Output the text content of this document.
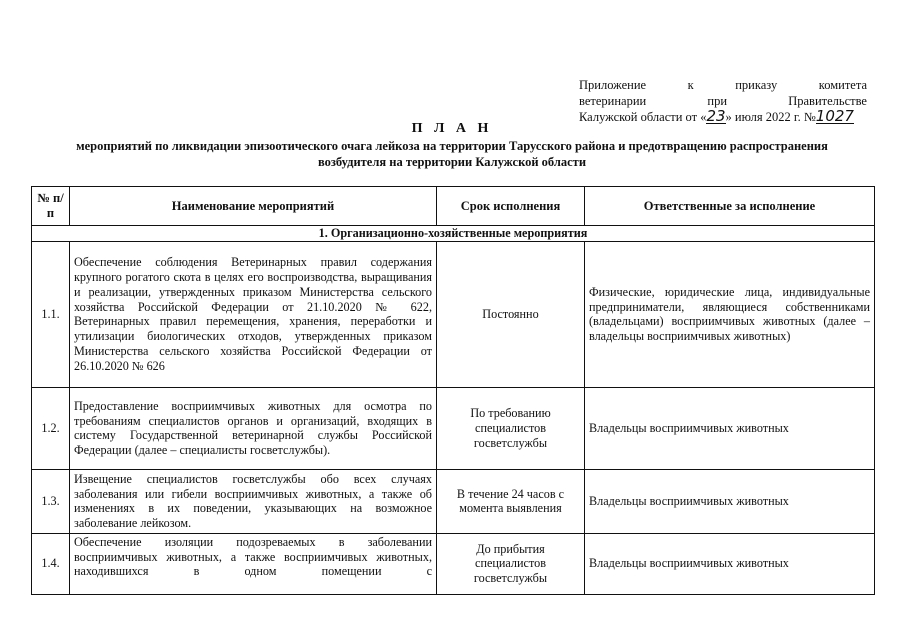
Приложение	к	приказу	комитета
ветеринарии	при	Правительстве
Калужской области от «23» июля 2022 г. №1027
П Л А Н
мероприятий по ликвидации эпизоотического очага лейкоза на территории Тарусского района и предотвращению распространения возбудителя на территории Калужской области
№ п/п	Наименование мероприятий	Срок исполнения	Ответственные за исполнение
1. Организационно-хозяйственные мероприятия			
1.1.	Обеспечение соблюдения Ветеринарных правил содержания крупного рогатого скота в целях его воспроизводства, выращивания и реализации, утвержденных приказом Министерства сельского хозяйства Российской Федерации от 21.10.2020 № 622, Ветеринарных правил перемещения, хранения, переработки и утилизации биологических отходов, утвержденных приказом Министерства сельского хозяйства Российской Федерации от 26.10.2020 № 626	Постоянно	Физические, юридические лица, индивидуальные предприниматели, являющиеся собственниками (владельцами) восприимчивых животных (далее – владельцы восприимчивых животных)
1.2.	Предоставление восприимчивых животных для осмотра по требованиям специалистов органов и организаций, входящих в систему Государственной ветеринарной службы Российской Федерации (далее – специалисты госветслужбы).	По требованию специалистов госветслужбы	Владельцы восприимчивых животных
1.3.	Извещение специалистов госветслужбы обо всех случаях заболевания или гибели восприимчивых животных, а также об изменениях в их поведении, указывающих на возможное заболевание лейкозом.	В течение 24 часов с момента выявления	Владельцы восприимчивых животных
1.4.	Обеспечение изоляции подозреваемых в заболевании восприимчивых животных, а также восприимчивых животных, находившихся в одном помещении с	До прибытия специалистов госветслужбы	Владельцы восприимчивых животных
